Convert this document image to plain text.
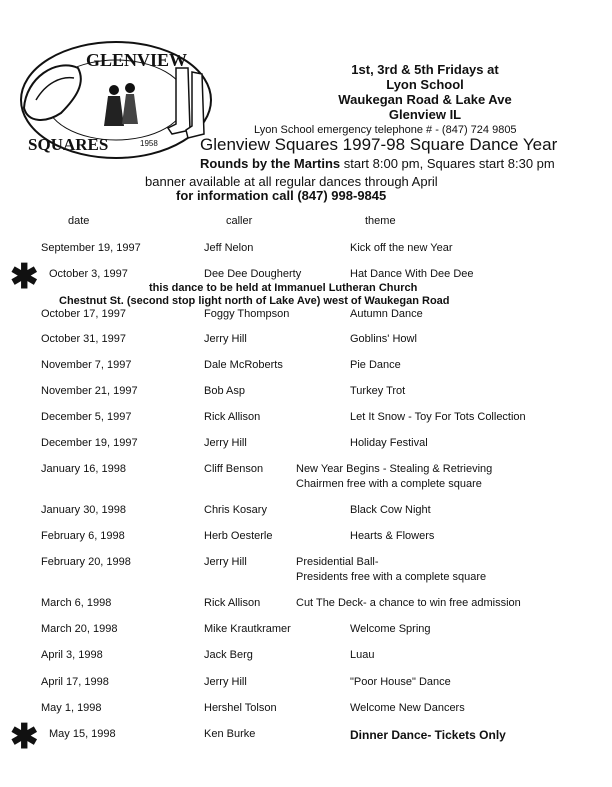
GLENVIEW
SQUARES	1958
1st, 3rd & 5th Fridays at
Lyon School
Waukegan Road & Lake Ave
Glenview IL
Lyon School emergency telephone # - (847) 724 9805
Glenview Squares 1997-98 Square Dance Year
Rounds by the Martins start 8:00 pm, Squares start 8:30 pm
banner available at all regular dances through April
for information call (847) 998-9845
date	caller	theme
September 19, 1997	Jeff Nelon	Kick off the new Year
✱ October 3, 1997	Dee Dee Dougherty	Hat Dance With Dee Dee
this dance to be held at Immanuel Lutheran Church
Chestnut St. (second stop light north of Lake Ave) west of Waukegan Road
October 17, 1997	Foggy Thompson	Autumn Dance
October 31, 1997	Jerry Hill	Goblins' Howl
November 7, 1997	Dale McRoberts	Pie Dance
November 21, 1997	Bob Asp	Turkey Trot
December 5, 1997	Rick Allison	Let It Snow - Toy For Tots Collection
December 19, 1997	Jerry Hill	Holiday Festival
January 16, 1998	Cliff Benson	New Year Begins - Stealing & Retrieving
Chairmen free with a complete square
January 30, 1998	Chris Kosary	Black Cow Night
February 6, 1998	Herb Oesterle	Hearts & Flowers
February 20, 1998	Jerry Hill	Presidential Ball-
Presidents free with a complete square
March 6, 1998	Rick Allison	Cut The Deck- a chance to win free admission
March 20, 1998	Mike Krautkramer	Welcome Spring
April 3, 1998	Jack Berg	Luau
April 17, 1998	Jerry Hill	"Poor House" Dance
May 1, 1998	Hershel Tolson	Welcome New Dancers
✱ May 15, 1998	Ken Burke	Dinner Dance- Tickets Only
